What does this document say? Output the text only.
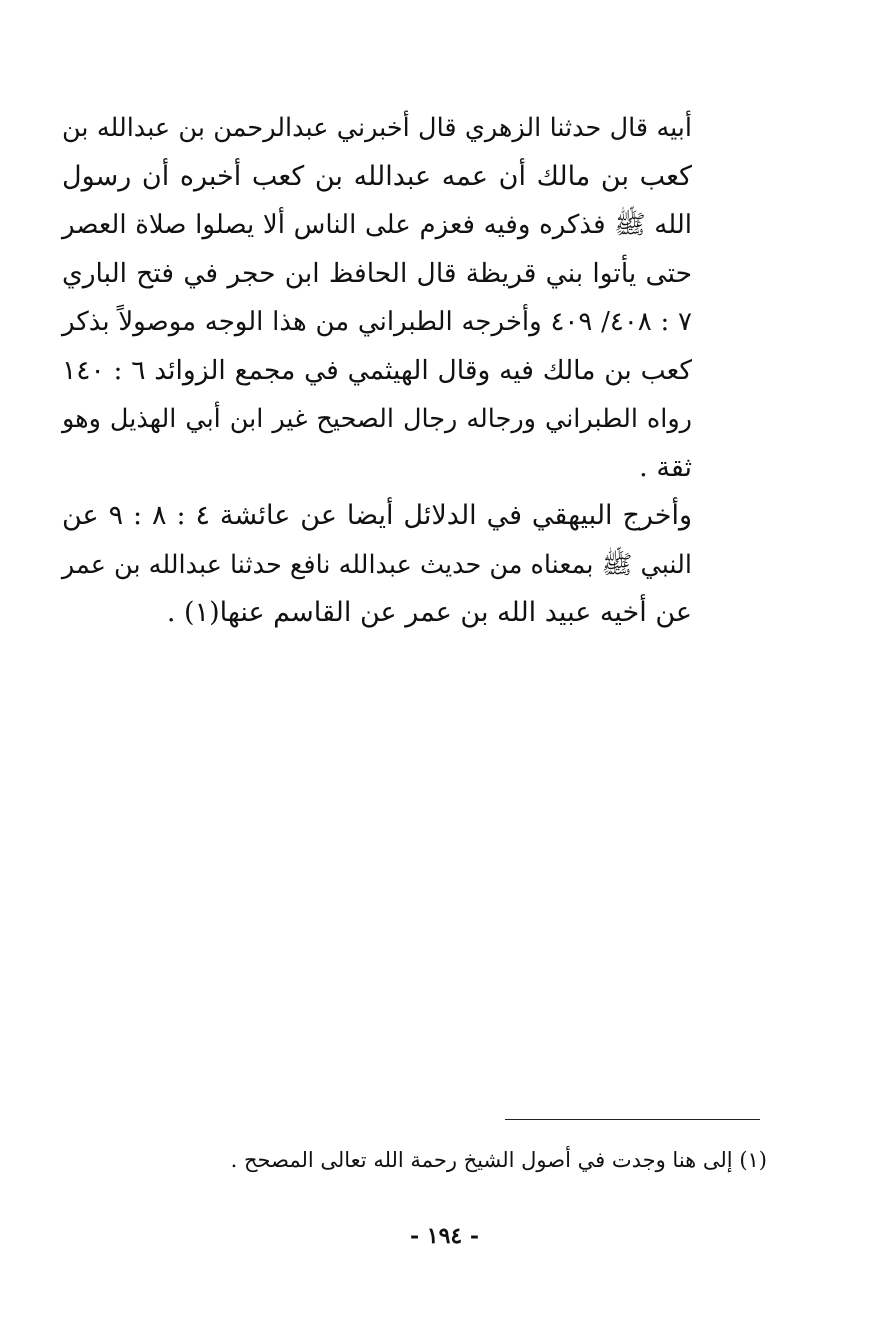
أبيه قال حدثنا الزهري قال أخبرني عبدالرحمن بن عبدالله بن
كعب بن مالك أن عمه عبدالله بن كعب أخبره أن رسول
الله ﷺ فذكره وفيه فعزم على الناس ألا يصلوا صلاة العصر
حتى يأتوا بني قريظة قال الحافظ ابن حجر في فتح الباري
٧ : ٤٠٨/ ٤٠٩ وأخرجه الطبراني من هذا الوجه موصولاً بذكر
كعب بن مالك فيه وقال الهيثمي في مجمع الزوائد ٦ : ١٤٠
رواه الطبراني ورجاله رجال الصحيح غير ابن أبي الهذيل وهو
ثقة .
وأخرج البيهقي في الدلائل أيضا عن عائشة ٤ : ٨ : ٩ عن
النبي ﷺ بمعناه من حديث عبدالله نافع حدثنا عبدالله بن عمر
عن أخيه عبيد الله بن عمر عن القاسم عنها(١) .
(١) إلى هنا وجدت في أصول الشيخ رحمة الله تعالى المصحح .
- ١٩٤ -
